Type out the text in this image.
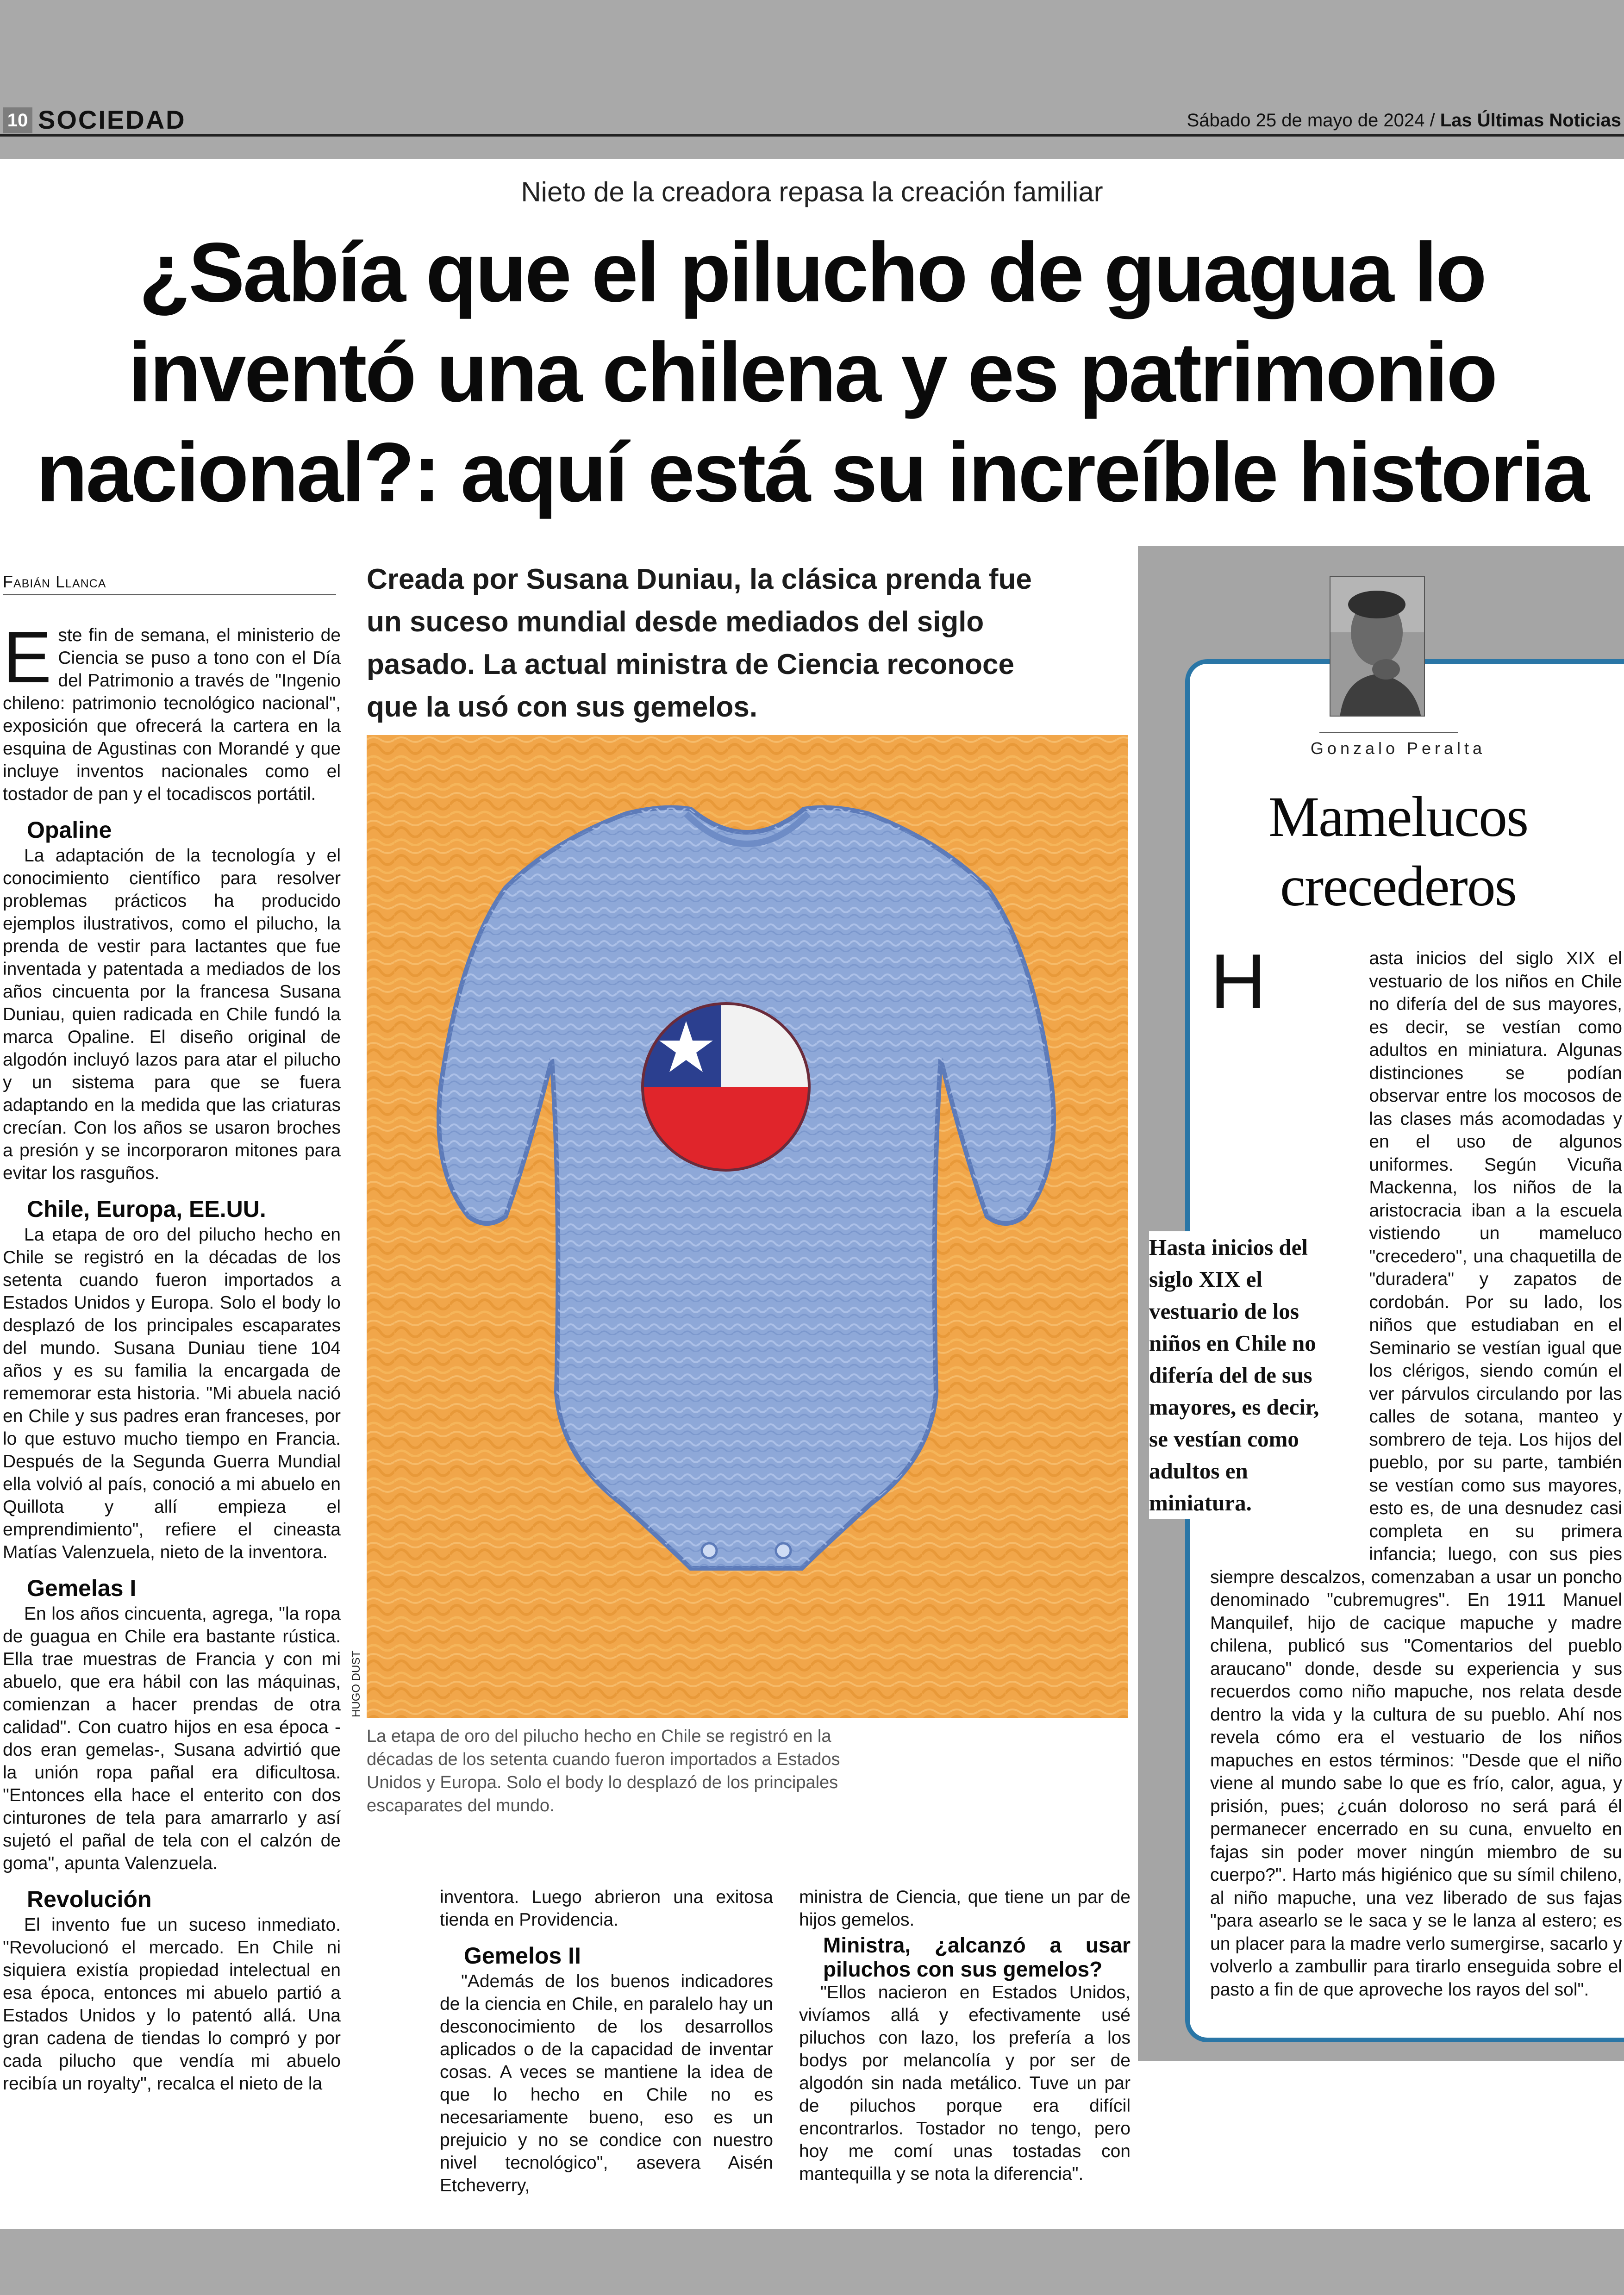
10 SOCIEDAD	Sábado 25 de mayo de 2024 / Las Últimas Noticias
Nieto de la creadora repasa la creación familiar
¿Sabía que el pilucho de guagua lo inventó una chilena y es patrimonio nacional?: aquí está su increíble historia
Fabián Llanca

Este fin de semana, el ministerio de Ciencia se puso a tono con el Día del Patrimonio a través de "Ingenio chileno: patrimonio tecnológico nacional", exposición que ofrecerá la cartera en la esquina de Agustinas con Morandé y que incluye inventos nacionales como el tostador de pan y el tocadiscos portátil.

Opaline

La adaptación de la tecnología y el conocimiento científico para resolver problemas prácticos ha producido ejemplos ilustrativos, como el pilucho, la prenda de vestir para lactantes que fue inventada y patentada a mediados de los años cincuenta por la francesa Susana Duniau, quien radicada en Chile fundó la marca Opaline. El diseño original de algodón incluyó lazos para atar el pilucho y un sistema para que se fuera adaptando en la medida que las criaturas crecían. Con los años se usaron broches a presión y se incorporaron mitones para evitar los rasguños.

Chile, Europa, EE.UU.

La etapa de oro del pilucho hecho en Chile se registró en la décadas de los setenta cuando fueron importados a Estados Unidos y Europa. Solo el body lo desplazó de los principales escaparates del mundo. Susana Duniau tiene 104 años y es su familia la encargada de rememorar esta historia. "Mi abuela nació en Chile y sus padres eran franceses, por lo que estuvo mucho tiempo en Francia. Después de la Segunda Guerra Mundial ella volvió al país, conoció a mi abuelo en Quillota y allí empieza el emprendimiento", refiere el cineasta Matías Valenzuela, nieto de la inventora.

Gemelas I

En los años cincuenta, agrega, "la ropa de guagua en Chile era bastante rústica. Ella trae muestras de Francia y con mi abuelo, que era hábil con las máquinas, comienzan a hacer prendas de otra calidad". Con cuatro hijos en esa época -dos eran gemelas-, Susana advirtió que la unión ropa pañal era dificultosa. "Entonces ella hace el enterito con dos cinturones de tela para amarrarlo y así sujetó el pañal de tela con el calzón de goma", apunta Valenzuela.

Revolución

El invento fue un suceso inmediato. "Revolucionó el mercado. En Chile ni siquiera existía propiedad intelectual en esa época, entonces mi abuelo partió a Estados Unidos y lo patentó allá. Una gran cadena de tiendas lo compró y por cada pilucho que vendía mi abuelo recibía un royalty", recalca el nieto de la

Creada por Susana Duniau, la clásica prenda fue un suceso mundial desde mediados del siglo pasado. La actual ministra de Ciencia reconoce que la usó con sus gemelos.
HUGO DUST
La etapa de oro del pilucho hecho en Chile se registró en la décadas de los setenta cuando fueron importados a Estados Unidos y Europa. Solo el body lo desplazó de los principales escaparates del mundo.

inventora. Luego abrieron una exitosa tienda en Providencia.

Gemelos II

"Además de los buenos indicadores de la ciencia en Chile, en paralelo hay un desconocimiento de los desarrollos aplicados o de la capacidad de inventar cosas. A veces se mantiene la idea de que lo hecho en Chile no es necesariamente bueno, eso es un prejuicio y no se condice con nuestro nivel tecnológico", asevera Aisén Etcheverry,

ministra de Ciencia, que tiene un par de hijos gemelos.

Ministra, ¿alcanzó a usar piluchos con sus gemelos?

"Ellos nacieron en Estados Unidos, vivíamos allá y efectivamente usé piluchos con lazo, los prefería a los bodys por melancolía y por ser de algodón sin nada metálico. Tuve un par de piluchos porque era difícil encontrarlos. Tostador no tengo, pero hoy me comí unas tostadas con mantequilla y se nota la diferencia".

Gonzalo Peralta
Mamelucos crecederos

H	asta inicios del siglo XIX el vestuario de los niños en Chile no difería del de sus mayores, es decir, se vestían como adultos en miniatura. Algunas distinciones se podían observar entre los mocosos de las clases más acomodadas y en el uso de algunos uniformes. Según Vicuña Mackenna, los niños de la aristocracia iban a la escuela vistiendo un mameluco "crecedero", una chaquetilla de "duradera" y zapatos de cordobán. Por su lado, los niños que estudiaban en el Seminario se vestían igual que los clérigos, siendo común el ver párvulos circulando por las calles de sotana, manteo y sombrero de teja. Los hijos del pueblo, por su parte, también se vestían como sus mayores, esto es, de una desnudez casi completa en su primera infancia; luego, con sus pies siempre descalzos, comenzaban a usar un poncho denominado "cubremugres". En 1911 Manuel Manquilef, hijo de cacique mapuche y madre chilena, publicó sus "Comentarios del pueblo araucano" donde, desde su experiencia y sus recuerdos como niño mapuche, nos relata desde dentro la vida y la cultura de su pueblo. Ahí nos revela cómo era el vestuario de los niños mapuches en estos términos: "Desde que el niño viene al mundo sabe lo que es frío, calor, agua, y prisión, pues; ¿cuán doloroso no será pará él permanecer encerrado en su cuna, envuelto en fajas sin poder mover ningún miembro de su cuerpo?". Harto más higiénico que su símil chileno, al niño mapuche, una vez liberado de sus fajas "para asearlo se le saca y se le lanza al estero; es un placer para la madre verlo sumergirse, sacarlo y volverlo a zambullir para tirarlo enseguida sobre el pasto a fin de que aproveche los rayos del sol".

Hasta inicios del siglo XIX el vestuario de los niños en Chile no difería del de sus mayores, es decir, se vestían como adultos en miniatura.
